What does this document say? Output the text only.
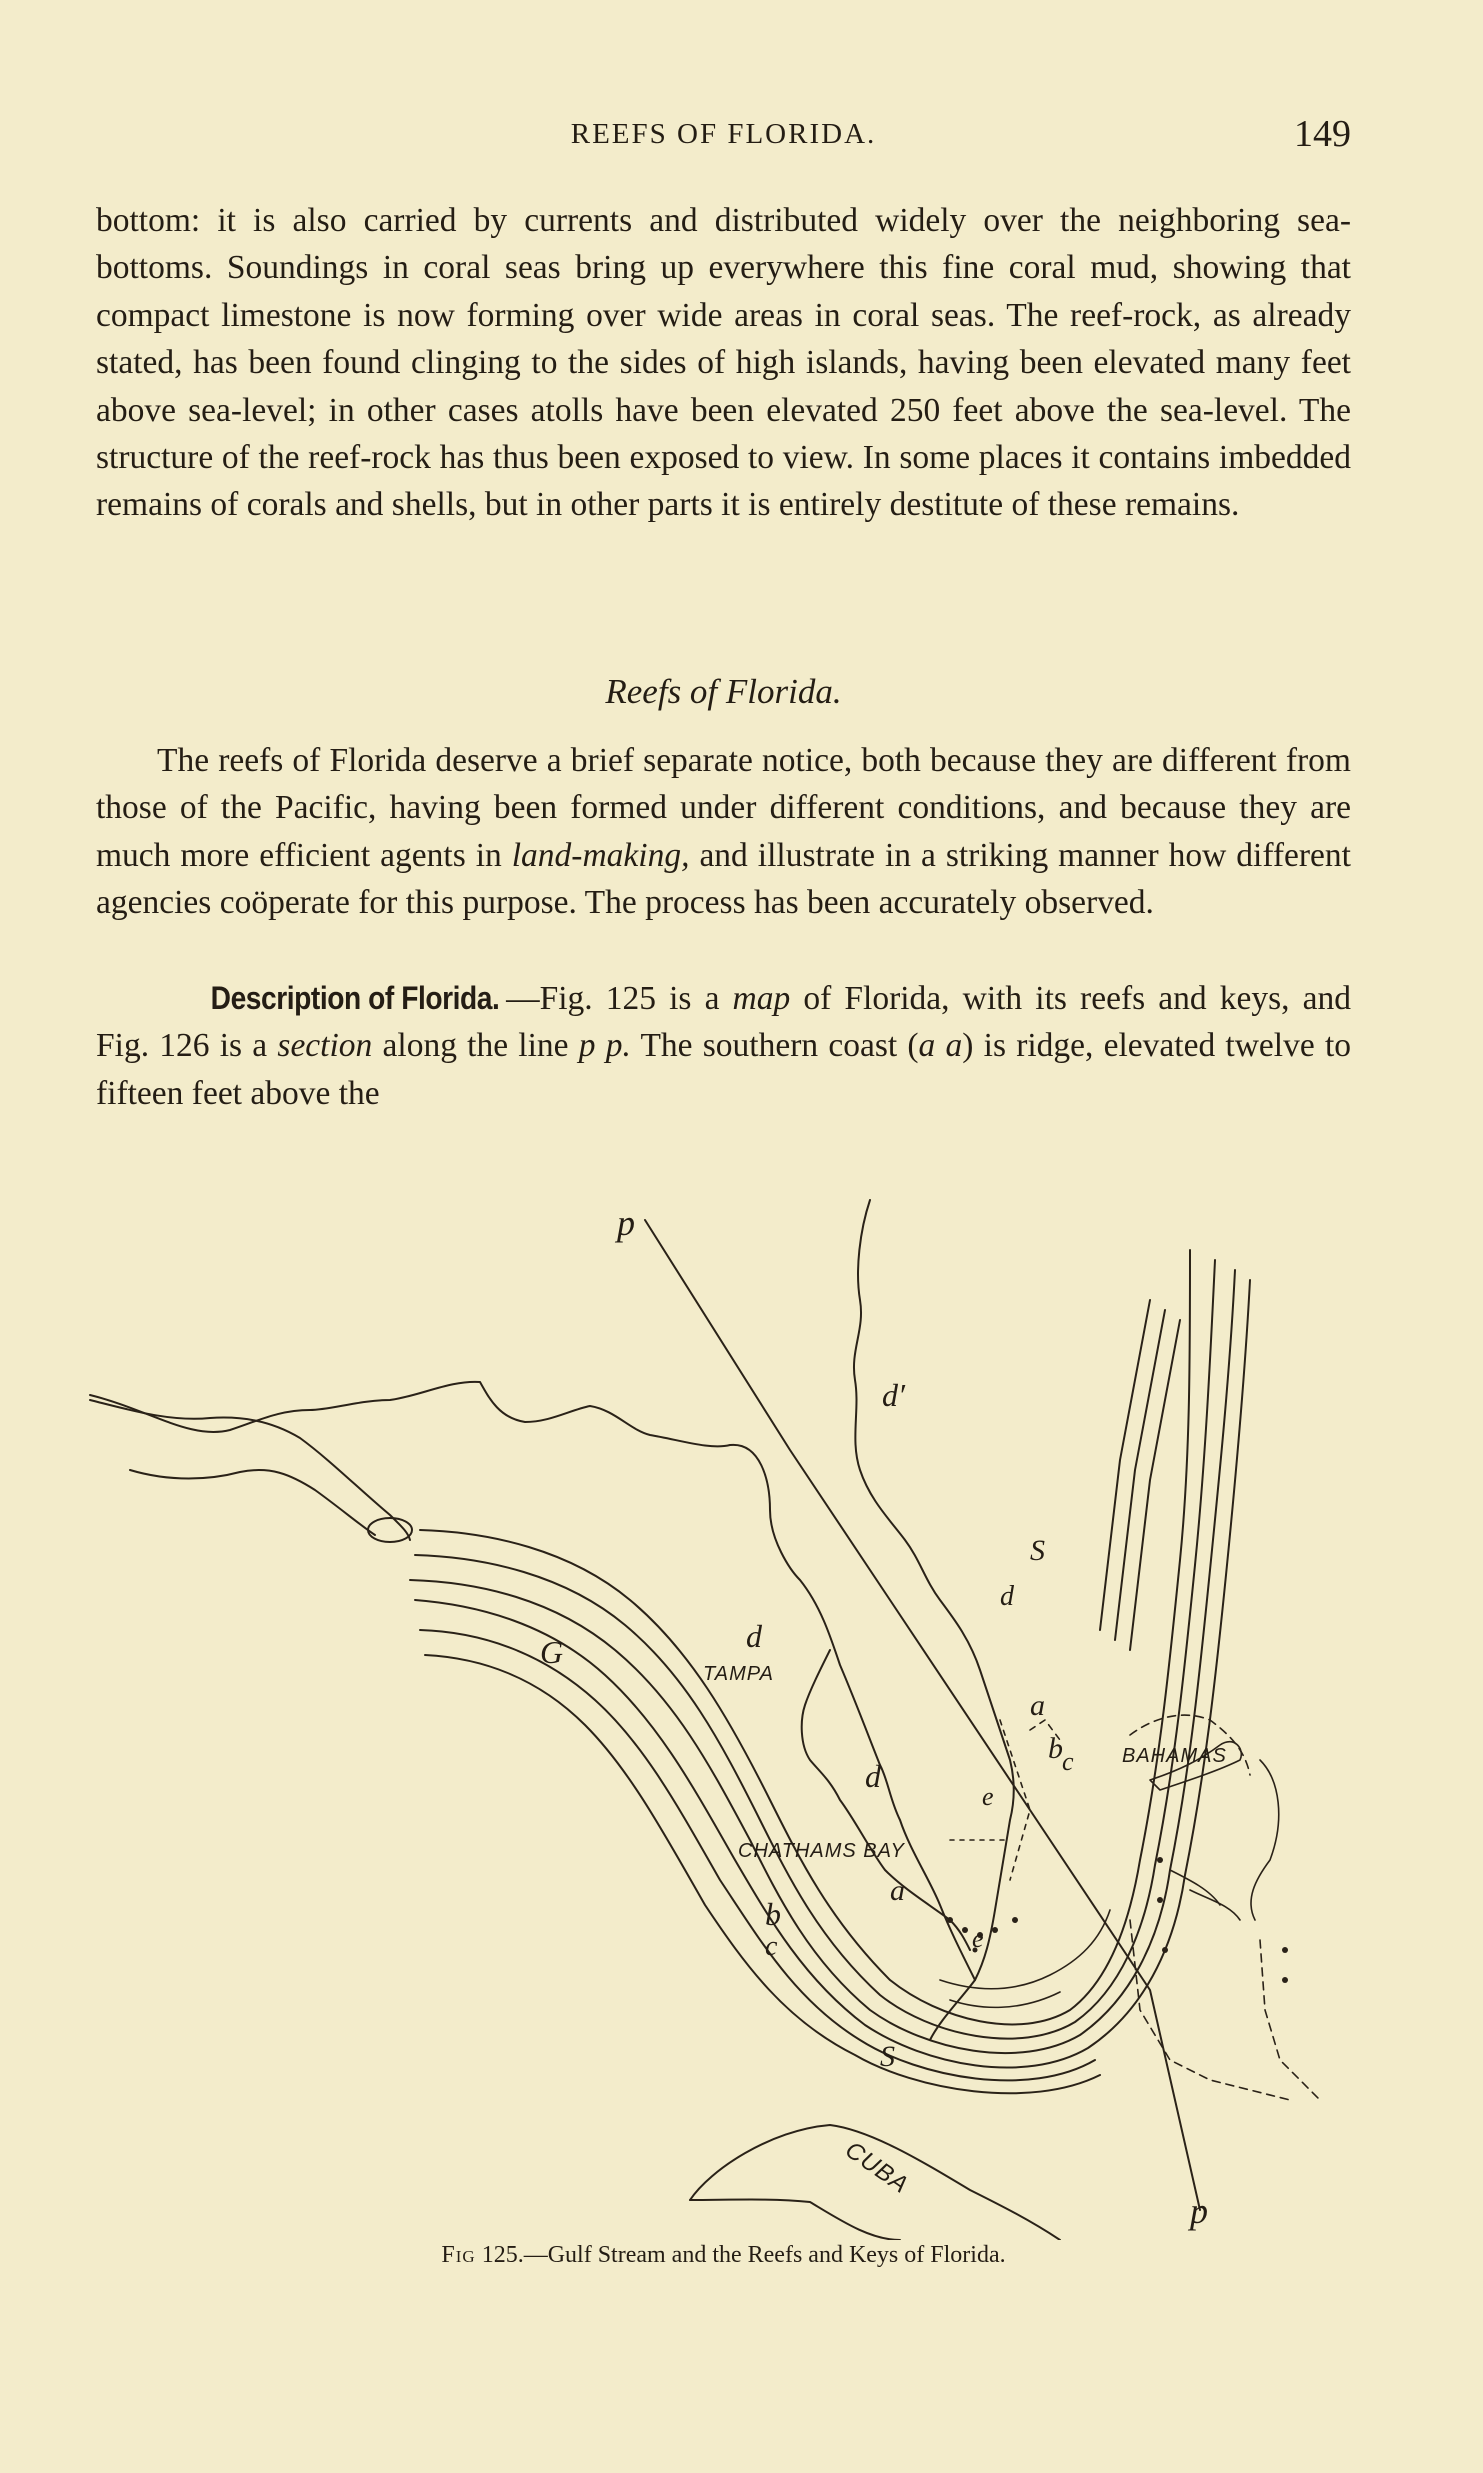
REEFS OF FLORIDA.	149

bottom: it is also carried by currents and distributed widely over the neighboring sea-bottoms. Soundings in coral seas bring up everywhere this fine coral mud, showing that compact limestone is now forming over wide areas in coral seas. The reef-rock, as already stated, has been found clinging to the sides of high islands, having been elevated many feet above sea-level; in other cases atolls have been elevated 250 feet above the sea-level. The structure of the reef-rock has thus been exposed to view. In some places it contains imbedded remains of corals and shells, but in other parts it is entirely destitute of these remains.

Reefs of Florida.

The reefs of Florida deserve a brief separate notice, both because they are different from those of the Pacific, having been formed under different conditions, and because they are much more efficient agents in land-making, and illustrate in a striking manner how different agencies coöperate for this purpose. The process has been accurately observed.

Description of Florida. —Fig. 125 is a map of Florida, with its reefs and keys, and Fig. 126 is a section along the line p p. The southern coast (a a) is ridge, elevated twelve to fifteen feet above the

p
p
d′
d
d
d
TAMPA
CHATHAMS BAY
BAHAMAS
CUBA
G
S
S
a
a
b c
b
c
e
e
Fig 125.—Gulf Stream and the Reefs and Keys of Florida.
